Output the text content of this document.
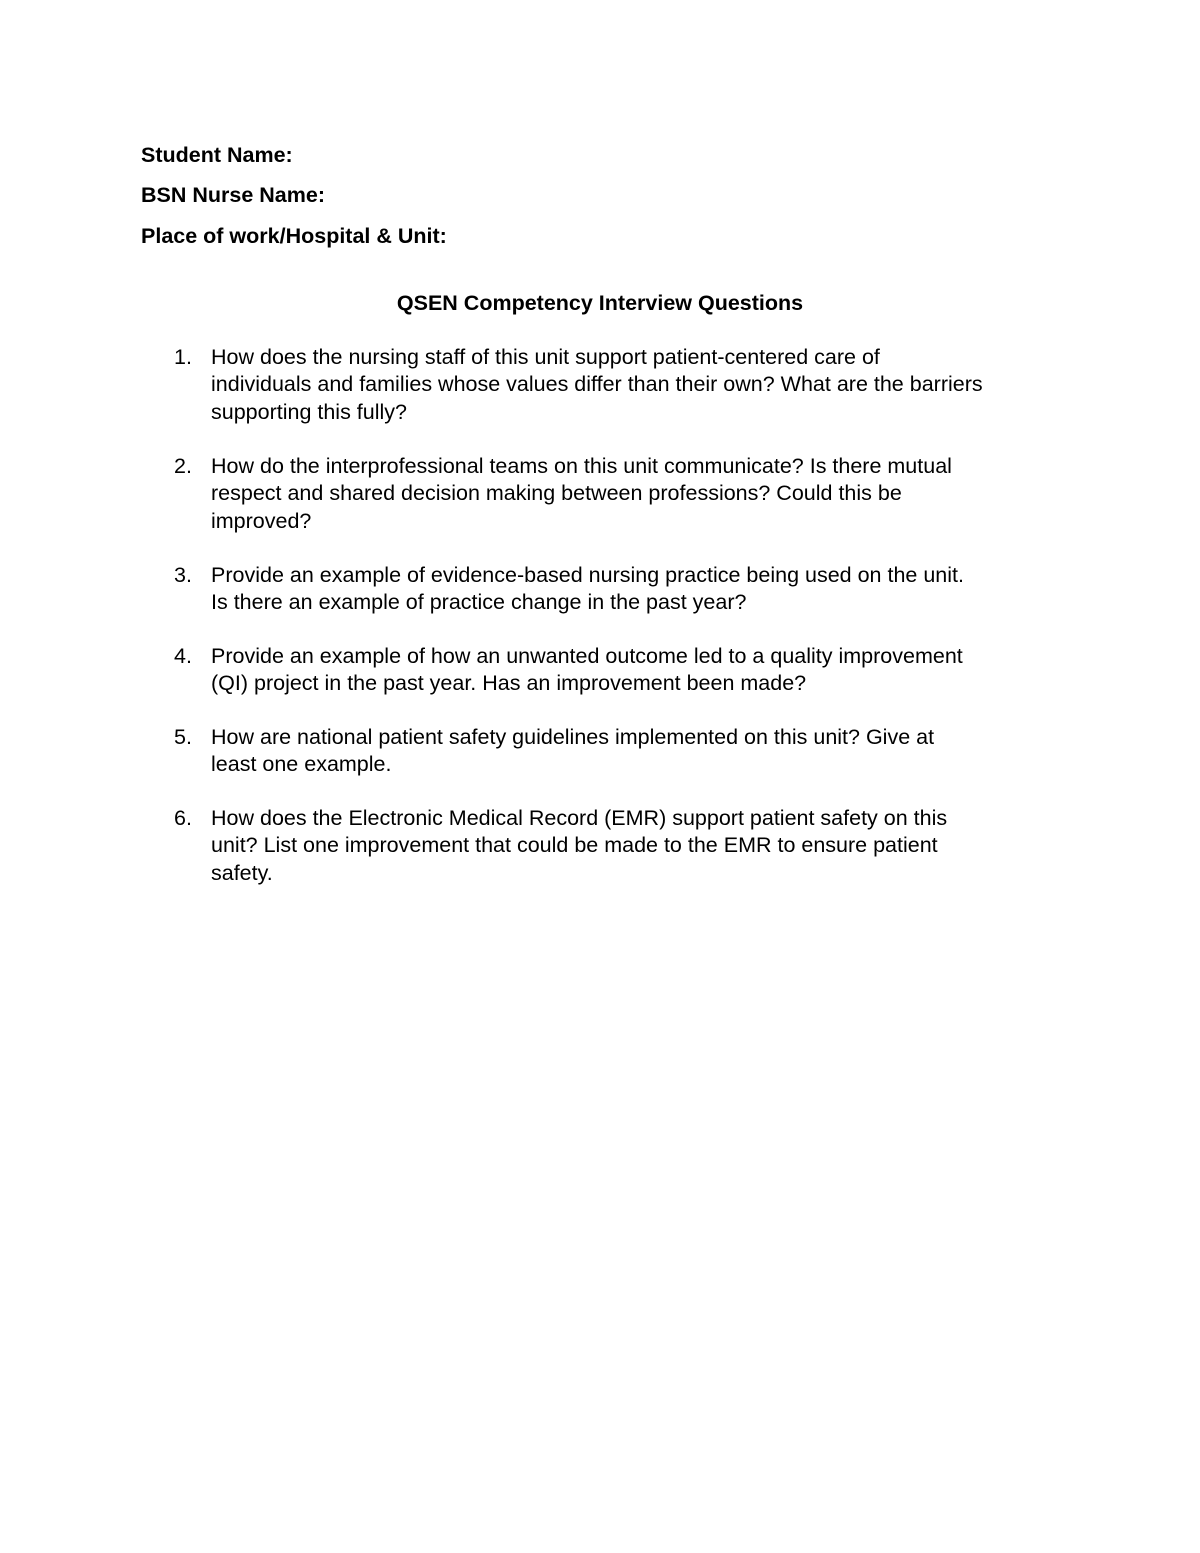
Student Name:
BSN Nurse Name:
Place of work/Hospital & Unit:
QSEN Competency Interview Questions
1. How does the nursing staff of this unit support patient-centered care of
individuals and families whose values differ than their own? What are the barriers
supporting this fully?
2. How do the interprofessional teams on this unit communicate? Is there mutual
respect and shared decision making between professions? Could this be
improved?
3. Provide an example of evidence-based nursing practice being used on the unit.
Is there an example of practice change in the past year?
4. Provide an example of how an unwanted outcome led to a quality improvement
(QI) project in the past year. Has an improvement been made?
5. How are national patient safety guidelines implemented on this unit? Give at
least one example.
6. How does the Electronic Medical Record (EMR) support patient safety on this
unit? List one improvement that could be made to the EMR to ensure patient
safety.
